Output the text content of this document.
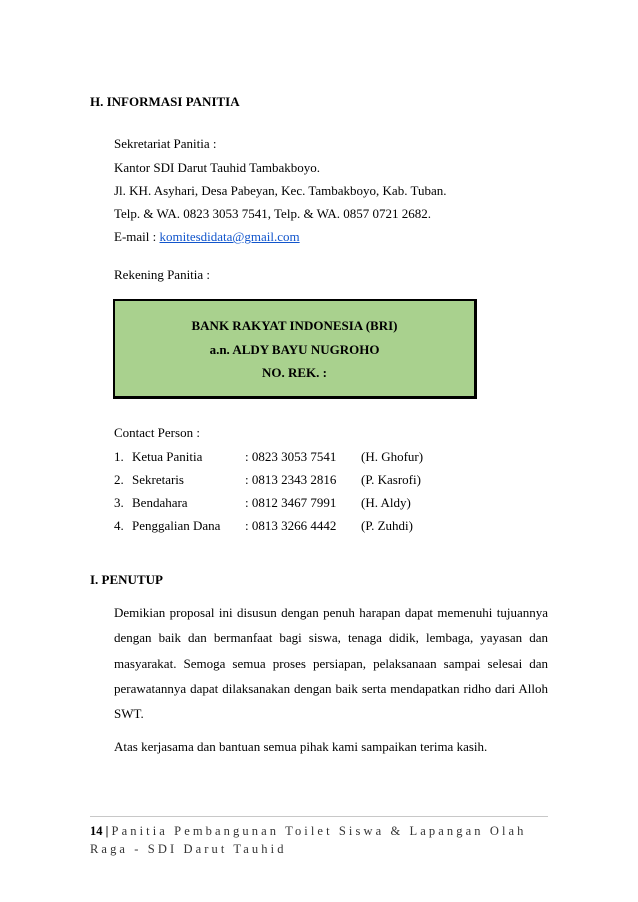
H. INFORMASI PANITIA
Sekretariat Panitia :
Kantor SDI Darut Tauhid Tambakboyo.
Jl. KH. Asyhari, Desa Pabeyan, Kec. Tambakboyo, Kab. Tuban.
Telp. & WA. 0823 3053 7541, Telp. & WA. 0857 0721 2682.
E-mail : komitesdidata@gmail.com
Rekening Panitia :
BANK RAKYAT INDONESIA (BRI)
a.n. ALDY BAYU NUGROHO
NO. REK. :
Contact Person :
1. Ketua Panitia	: 0823 3053 7541 (H. Ghofur)
2. Sekretaris	: 0813 2343 2816 (P. Kasrofi)
3. Bendahara	: 0812 3467 7991 (H. Aldy)
4. Penggalian Dana : 0813 3266 4442 (P. Zuhdi)
I. PENUTUP
Demikian proposal ini disusun dengan penuh harapan dapat memenuhi tujuannya dengan baik dan bermanfaat bagi siswa, tenaga didik, lembaga, yayasan dan masyarakat. Semoga semua proses persiapan, pelaksanaan sampai selesai dan perawatannya dapat dilaksanakan dengan baik serta mendapatkan ridho dari Alloh SWT.
Atas kerjasama dan bantuan semua pihak kami sampaikan terima kasih.
14 | Panitia Pembangunan Toilet Siswa & Lapangan Olah Raga - SDI Darut Tauhid
